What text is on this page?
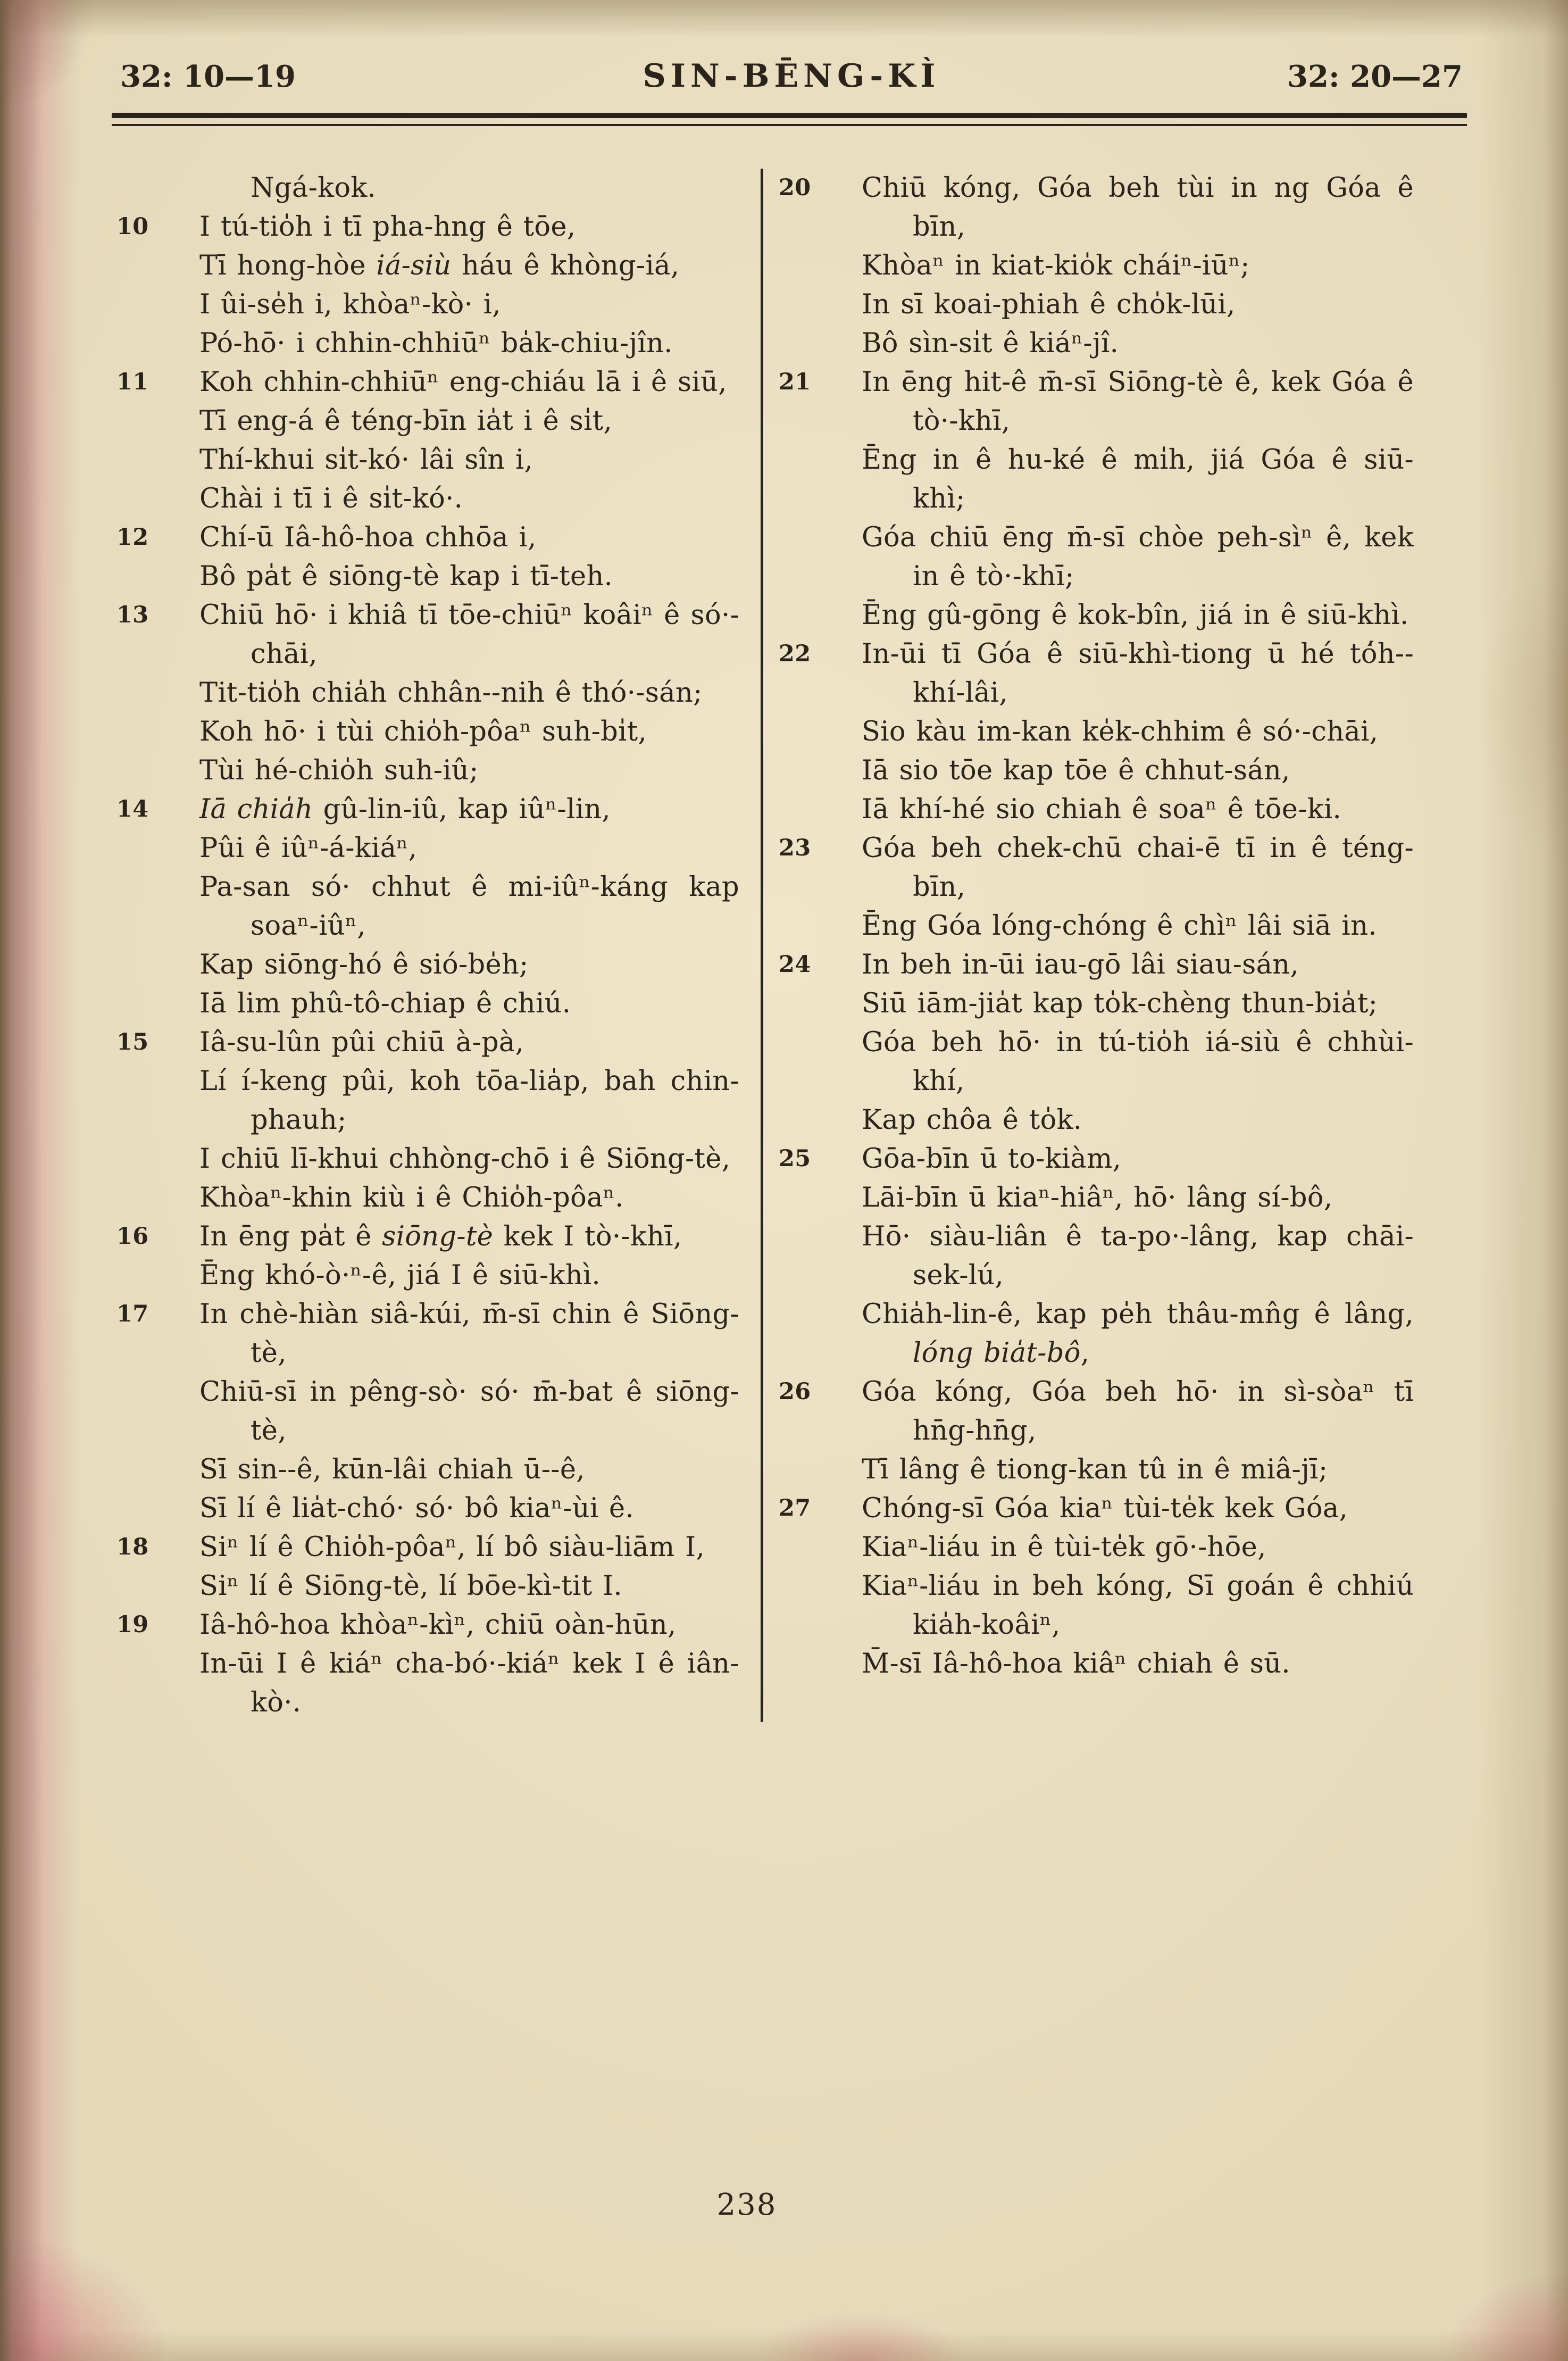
32: 10—19	SIN-BĒNG-KÌ	32: 20—27

Ngá-kok.

10 I tú-tio̍h i tī pha-hng ê tōe,

Tī hong-hòe iá-siù háu ê khòng-iá,

I ûi-se̍h i, khòaⁿ-kò· i,

Pó-hō· i chhin-chhiūⁿ ba̍k-chiu-jîn.

11 Koh chhin-chhiūⁿ eng-chiáu lā i ê siū,

Tī eng-á ê téng-bīn ia̍t i ê si̍t,

Thí-khui si̍t-kó· lâi sîn i,

Chài i tī i ê si̍t-kó·.

12 Chí-ū Iâ-hô-hoa chhōa i,

Bô pa̍t ê siōng-tè kap i tī-teh.

13 Chiū hō· i khiâ tī tōe-chiūⁿ koâiⁿ ê só·-chāi,

Tit-tio̍h chia̍h chhân--nih ê thó·-sán;

Koh hō· i tùi chio̍h-pôaⁿ suh-bi̍t,

Tùi hé-chio̍h suh-iû;

14 Iā chia̍h gû-lin-iû, kap iûⁿ-lin,

Pûi ê iûⁿ-á-kiáⁿ,

Pa-san só· chhut ê mi-iûⁿ-káng kap soaⁿ-iûⁿ,

Kap siōng-hó ê sió-be̍h;

Iā lim phû-tô-chiap ê chiú.

15 Iâ-su-lûn pûi chiū à-pà,

Lí í-keng pûi, koh tōa-lia̍p, bah chin-phauh;

I chiū lī-khui chhòng-chō i ê Siōng-tè,

Khòaⁿ-khin kiù i ê Chio̍h-pôaⁿ.

16 In ēng pa̍t ê siōng-tè kek I tò·-khī,

Ēng khó-ò·ⁿ-ê, jiá I ê siū-khì.

17 In chè-hiàn siâ-kúi, m̄-sī chin ê Siōng-tè,

Chiū-sī in pêng-sò· só· m̄-bat ê siōng-tè,

Sī sin--ê, kūn-lâi chiah ū--ê,

Sī lí ê lia̍t-chó· só· bô kiaⁿ-ùi ê.

18 Siⁿ lí ê Chio̍h-pôaⁿ, lí bô siàu-liām I,

Siⁿ lí ê Siōng-tè, lí bōe-kì-tit I.

19 Iâ-hô-hoa khòaⁿ-kìⁿ, chiū oàn-hūn,

In-ūi I ê kiáⁿ cha-bó·-kiáⁿ kek I ê iân-kò·.

20 Chiū kóng, Góa beh tùi in ng Góa ê bīn,

Khòaⁿ in kiat-kio̍k cháiⁿ-iūⁿ;

In sī koai-phiah ê cho̍k-lūi,

Bô sìn-si̍t ê kiáⁿ-jî.

21 In ēng hit-ê m̄-sī Siōng-tè ê, kek Góa ê tò·-khī,

Ēng in ê hu-ké ê mi̍h, jiá Góa ê siū-khì;

Góa chiū ēng m̄-sī chòe peh-sìⁿ ê, kek in ê tò·-khī;

Ēng gû-gōng ê kok-bîn, jiá in ê siū-khì.

22 In-ūi tī Góa ê siū-khì-tiong ū hé tó̍h--khí-lâi,

Sio kàu im-kan ke̍k-chhim ê só·-chāi,

Iā sio tōe kap tōe ê chhut-sán,

Iā khí-hé sio chiah ê soaⁿ ê tōe-ki.

23 Góa beh chek-chū chai-ē tī in ê téng-bīn,

Ēng Góa lóng-chóng ê chìⁿ lâi siā in.

24 In beh in-ūi iau-gō lâi siau-sán,

Siū iām-jia̍t kap to̍k-chèng thun-bia̍t;

Góa beh hō· in tú-tio̍h iá-siù ê chhùi-khí,

Kap chôa ê to̍k.

25 Gōa-bīn ū to-kiàm,

Lāi-bīn ū kiaⁿ-hiâⁿ, hō· lâng sí-bô,

Hō· siàu-liân ê ta-po·-lâng, kap chāi-sek-lú,

Chia̍h-lin-ê, kap pe̍h thâu-mn̂g ê lâng, lóng bia̍t-bô,

26 Góa kóng, Góa beh hō· in sì-sòaⁿ tī hn̄g-hn̄g,

Tī lâng ê tiong-kan tû in ê miâ-jī;

27 Chóng-sī Góa kiaⁿ tùi-te̍k kek Góa,

Kiaⁿ-liáu in ê tùi-te̍k gō·-hōe,

Kiaⁿ-liáu in beh kóng, Sī goán ê chhiú kia̍h-koâiⁿ,

M̄-sī Iâ-hô-hoa kiâⁿ chiah ê sū.

238
